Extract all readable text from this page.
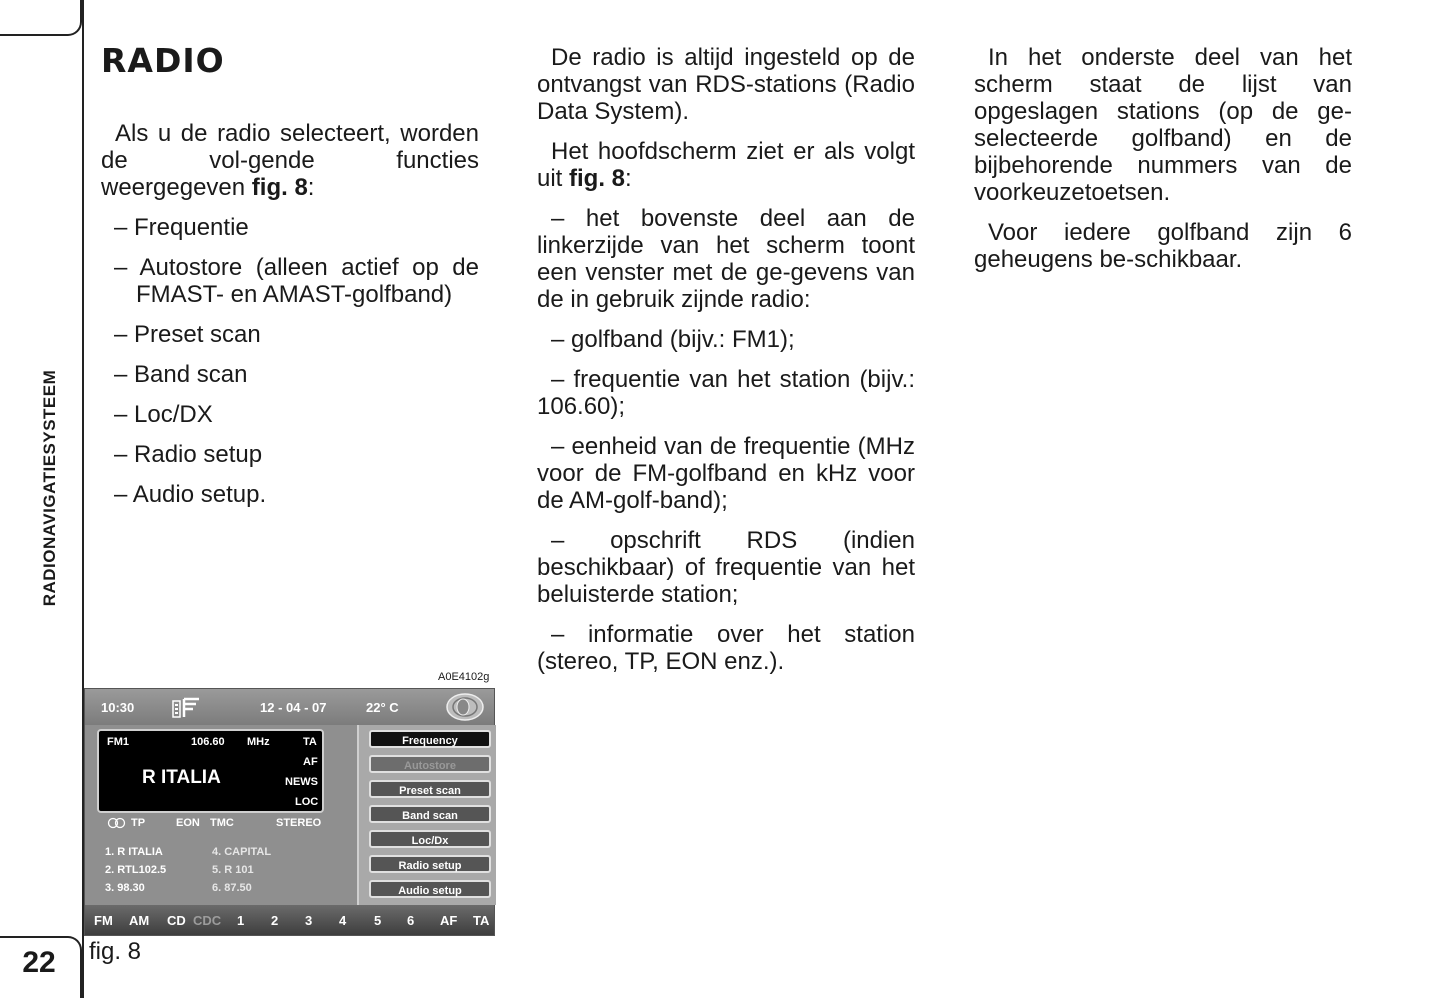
RADIONAVIGATIESYSTEEM
22
RADIO

Als u de radio selecteert, worden de vol-gende functies weergegeven fig. 8:

– Frequentie
– Autostore (alleen actief op de FMAST- en AMAST-golfband)
– Preset scan
– Band scan
– Loc/DX
– Radio setup
– Audio setup.

De radio is altijd ingesteld op de ontvangst van RDS-stations (Radio Data System).

Het hoofdscherm ziet er als volgt uit fig. 8:

– het bovenste deel aan de linkerzijde van het scherm toont een venster met de ge-gevens van de in gebruik zijnde radio:

– golfband (bijv.: FM1);

– frequentie van het station (bijv.: 106.60);

– eenheid van de frequentie (MHz voor de FM-golfband en kHz voor de AM-golf-band);

– opschrift RDS (indien beschikbaar) of frequentie van het beluisterde station;

– informatie over het station (stereo, TP, EON enz.).

In het onderste deel van het scherm staat de lijst van opgeslagen stations (op de ge-selecteerde golfband) en de bijbehorende nummers van de voorkeuzetoetsen.

Voor iedere golfband zijn 6 geheugens be-schikbaar.

A0E4102g
10:30	12 - 04 - 07	22° C
FM1	106.60 MHz	TA
AF
R ITALIA	NEWS
LOC
TP	EON TMC	STEREO
1. R ITALIA
2. RTL102.5
3. 98.30
4. CAPITAL
5. R 101
6. 87.50
Frequency
Autostore
Preset scan
Band scan
Loc/Dx
Radio setup
Audio setup
FM AM CD CDC 1 2 3 4 5 6 AF TA
fig. 8
